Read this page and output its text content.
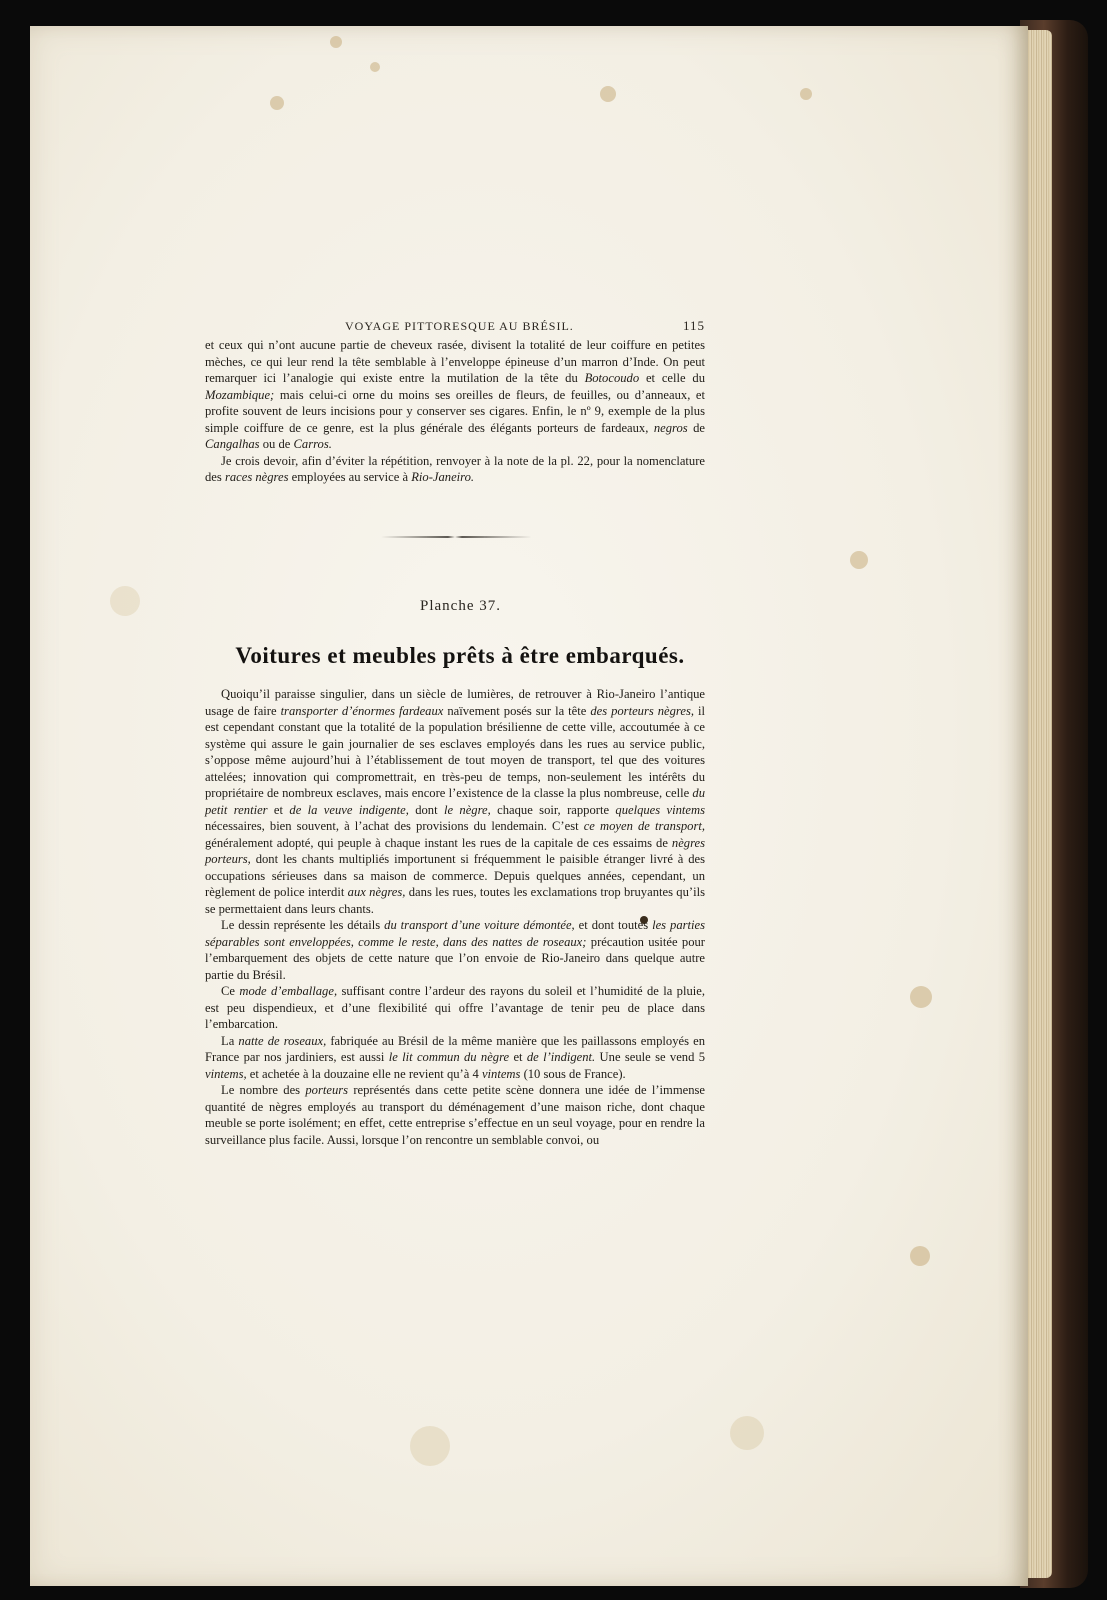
VOYAGE PITTORESQUE AU BRÉSIL.	115

et ceux qui n’ont aucune partie de cheveux rasée, divisent la totalité de leur coiffure en petites mèches, ce qui leur rend la tête semblable à l’enveloppe épineuse d’un marron d’Inde. On peut remarquer ici l’analogie qui existe entre la mutilation de la tête du Botocoudo et celle du Mozambique; mais celui-ci orne du moins ses oreilles de fleurs, de feuilles, ou d’anneaux, et profite souvent de leurs incisions pour y conserver ses cigares. Enfin, le nº 9, exemple de la plus simple coiffure de ce genre, est la plus générale des élégants porteurs de fardeaux, negros de Cangalhas ou de Carros.

Je crois devoir, afin d’éviter la répétition, renvoyer à la note de la pl. 22, pour la nomenclature des races nègres employées au service à Rio-Janeiro.

Planche 37.
Voitures et meubles prêts à être embarqués.

Quoiqu’il paraisse singulier, dans un siècle de lumières, de retrouver à Rio-Janeiro l’antique usage de faire transporter d’énormes fardeaux naïvement posés sur la tête des porteurs nègres, il est cependant constant que la totalité de la population brésilienne de cette ville, accoutumée à ce système qui assure le gain journalier de ses esclaves employés dans les rues au service public, s’oppose même aujourd’hui à l’établissement de tout moyen de transport, tel que des voitures attelées; innovation qui compromettrait, en très-peu de temps, non-seulement les intérêts du propriétaire de nombreux esclaves, mais encore l’existence de la classe la plus nombreuse, celle du petit rentier et de la veuve indigente, dont le nègre, chaque soir, rapporte quelques vintems nécessaires, bien souvent, à l’achat des provisions du lendemain. C’est ce moyen de transport, généralement adopté, qui peuple à chaque instant les rues de la capitale de ces essaims de nègres porteurs, dont les chants multipliés importunent si fréquemment le paisible étranger livré à des occupations sérieuses dans sa maison de commerce. Depuis quelques années, cependant, un règlement de police interdit aux nègres, dans les rues, toutes les exclamations trop bruyantes qu’ils se permettaient dans leurs chants.

Le dessin représente les détails du transport d’une voiture démontée, et dont toutes les parties séparables sont enveloppées, comme le reste, dans des nattes de roseaux; précaution usitée pour l’embarquement des objets de cette nature que l’on envoie de Rio-Janeiro dans quelque autre partie du Brésil.

Ce mode d’emballage, suffisant contre l’ardeur des rayons du soleil et l’humidité de la pluie, est peu dispendieux, et d’une flexibilité qui offre l’avantage de tenir peu de place dans l’embarcation.

La natte de roseaux, fabriquée au Brésil de la même manière que les paillassons employés en France par nos jardiniers, est aussi le lit commun du nègre et de l’indigent. Une seule se vend 5 vintems, et achetée à la douzaine elle ne revient qu’à 4 vintems (10 sous de France).

Le nombre des porteurs représentés dans cette petite scène donnera une idée de l’immense quantité de nègres employés au transport du déménagement d’une maison riche, dont chaque meuble se porte isolément; en effet, cette entreprise s’effectue en un seul voyage, pour en rendre la surveillance plus facile. Aussi, lorsque l’on rencontre un semblable convoi, ou
